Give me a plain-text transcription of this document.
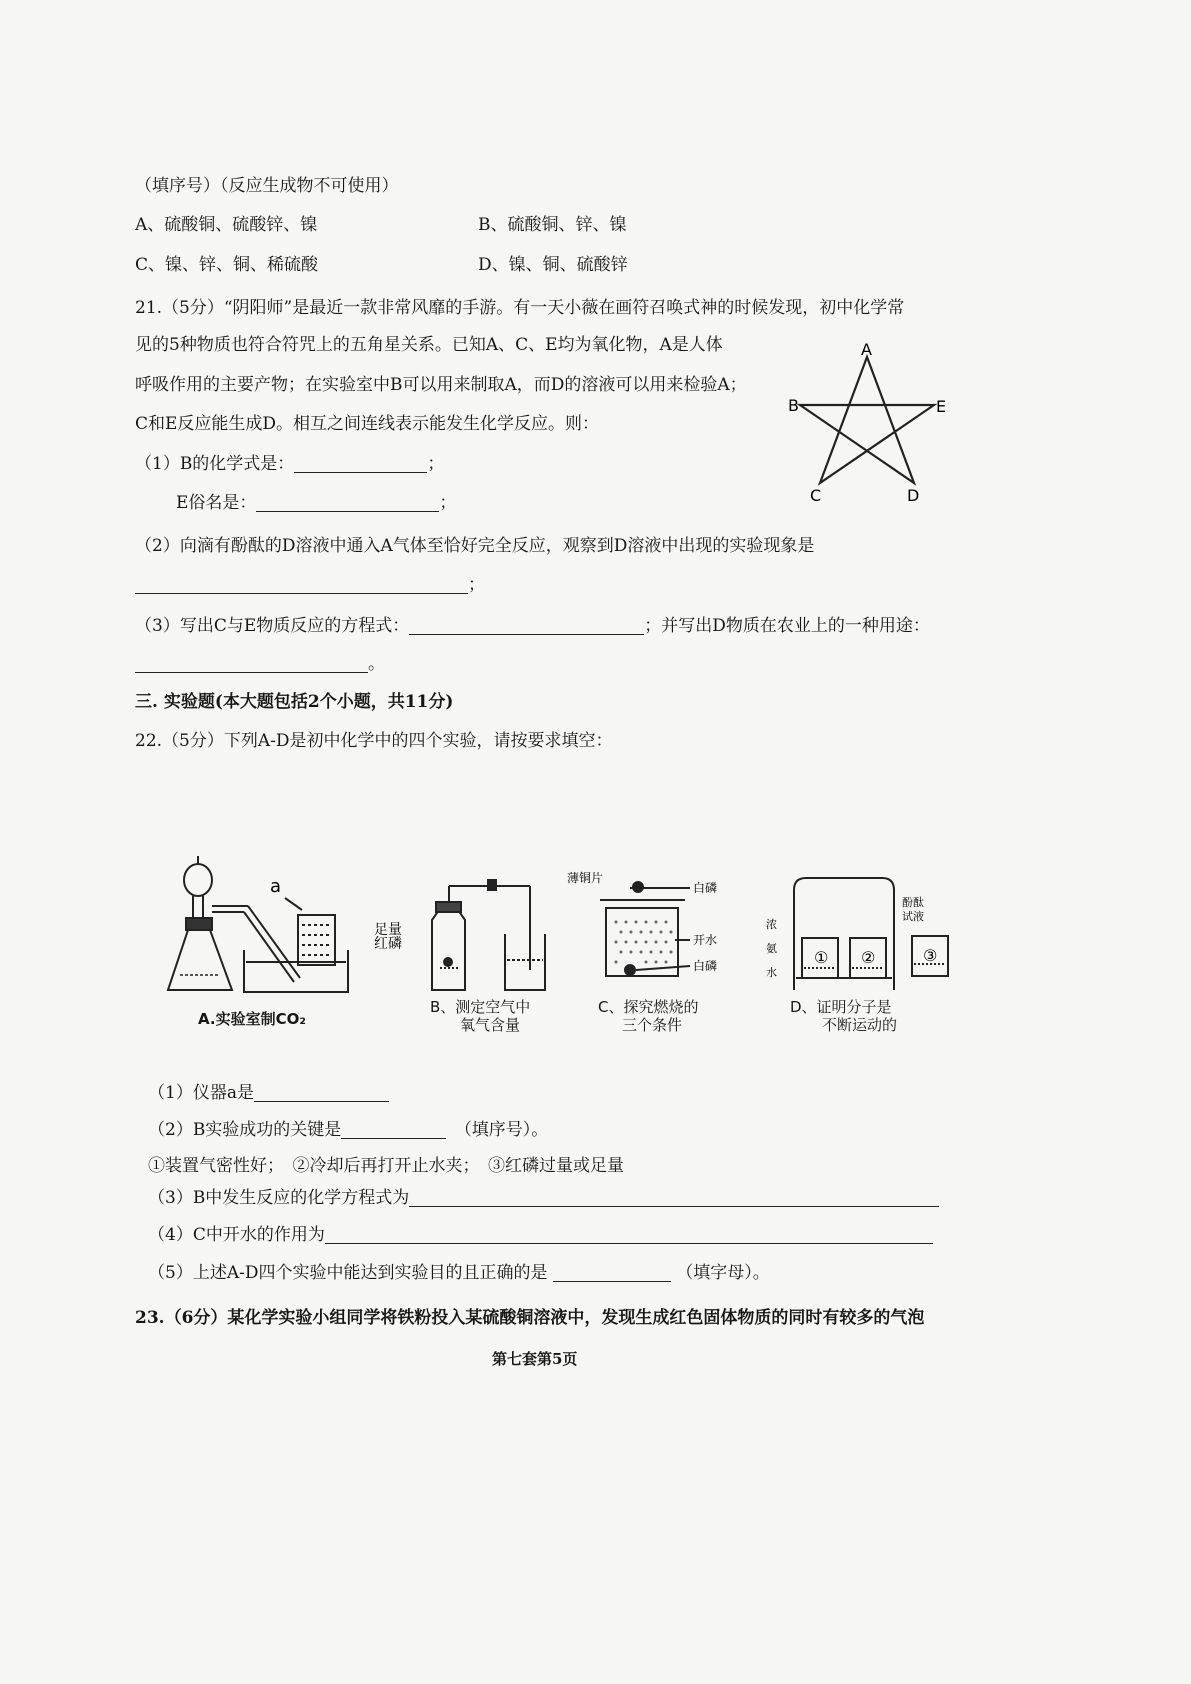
（填序号）（反应生成物不可使用）
A、硫酸铜、硫酸锌、镍	B、硫酸铜、锌、镍
C、镍、锌、铜、稀硫酸	D、镍、铜、硫酸锌
21.（5分）“阴阳师”是最近一款非常风靡的手游。有一天小薇在画符召唤式神的时候发现，初中化学常
见的5种物质也符合符咒上的五角星关系。已知A、C、E均为氧化物，A是人体
呼吸作用的主要产物；在实验室中B可以用来制取A，而D的溶液可以用来检验A；
C和E反应能生成D。相互之间连线表示能发生化学反应。则：
（1）B的化学式是：	；
E俗名是：	；
A
B	E
C	D
（2）向滴有酚酞的D溶液中通入A气体至恰好完全反应，观察到D溶液中出现的实验现象是
；
（3）写出C与E物质反应的方程式：	；并写出D物质在农业上的一种用途：
。
三. 实验题(本大题包括2个小题，共11分)
22.（5分）下列A-D是初中化学中的四个实验，请按要求填空：
a
足量
红磷
薄铜片
白磷
开水
白磷	① ②	③
浓
氨
水
酚酞
试液
A.实验室制CO₂
B、测定空气中
氧气含量
C、探究燃烧的
三个条件
D、证明分子是
不断运动的
（1）仪器a是
（2）B实验成功的关键是　	（填序号）。
①装置气密性好；　②冷却后再打开止水夹；　③红磷过量或足量
（3）B中发生反应的化学方程式为
（4）C中开水的作用为
（5）上述A-D四个实验中能达到实验目的且正确的是	（填字母）。
23.（6分）某化学实验小组同学将铁粉投入某硫酸铜溶液中，发现生成红色固体物质的同时有较多的气泡
第七套第5页
